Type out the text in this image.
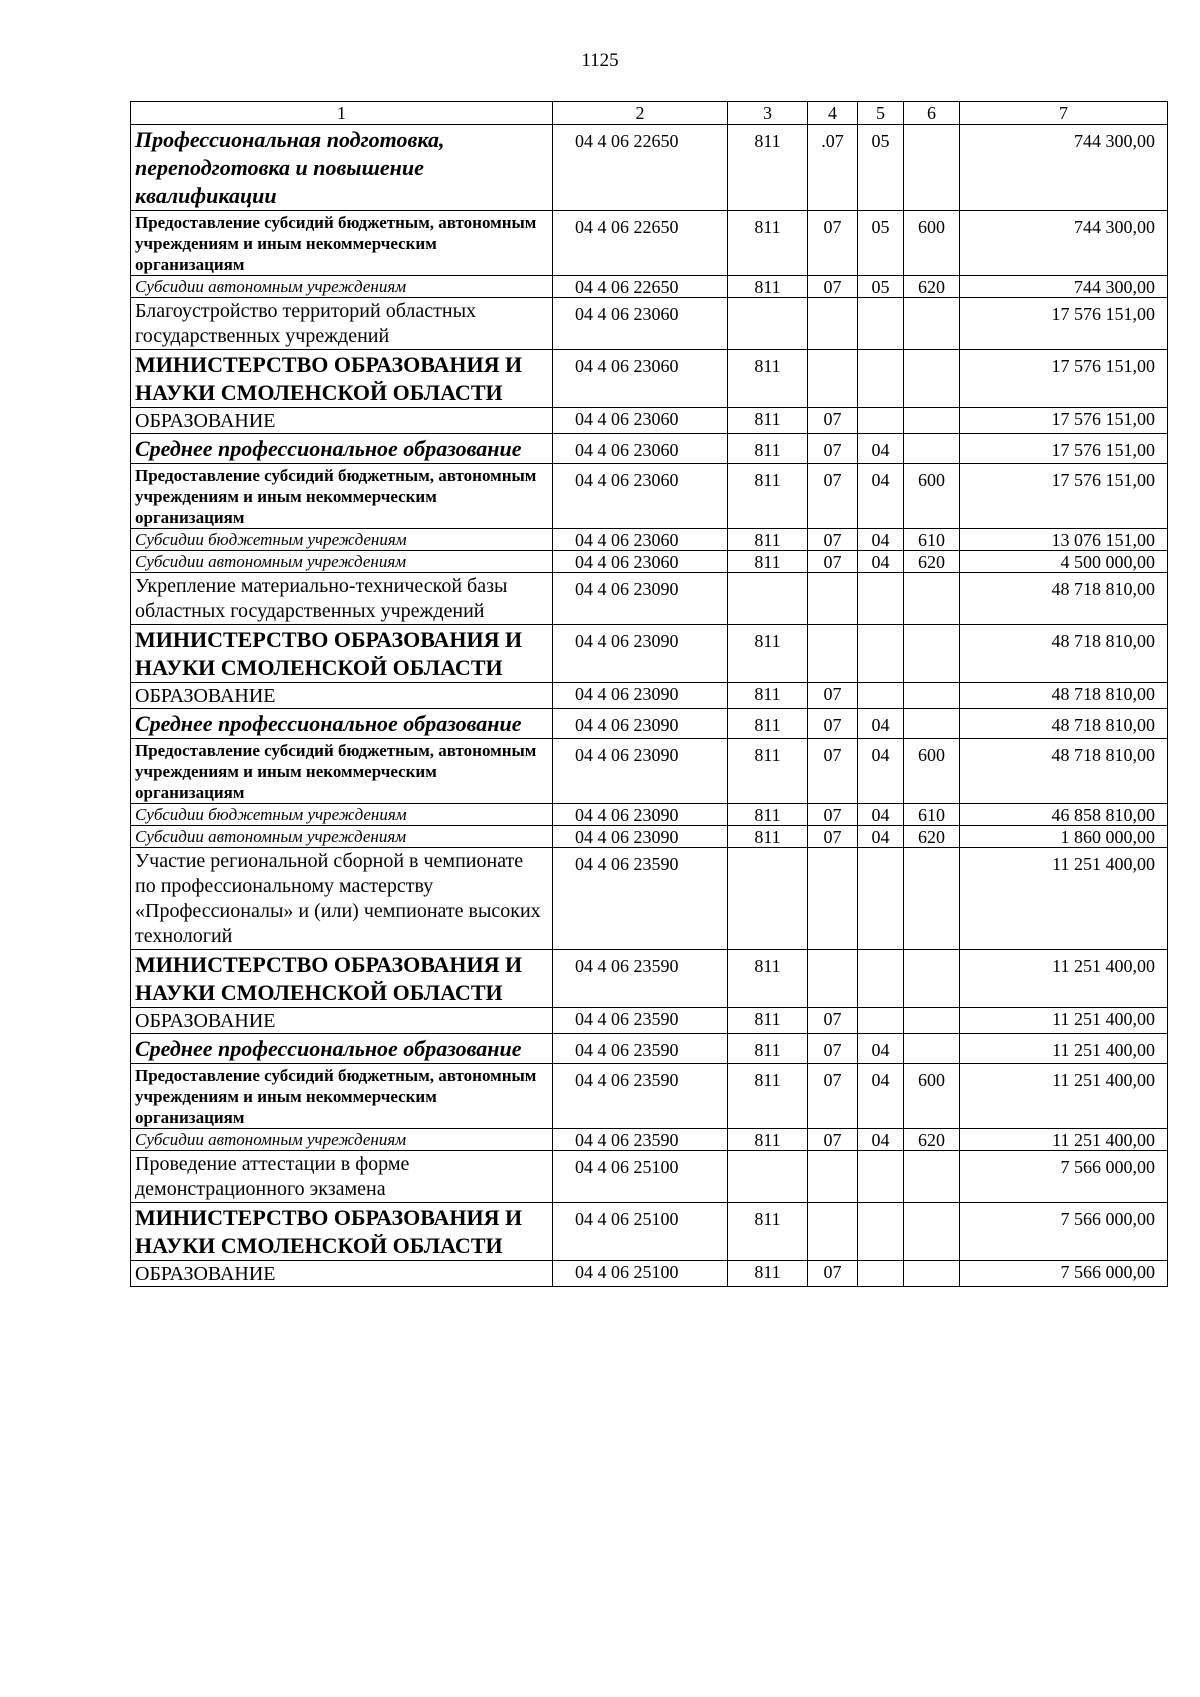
1125
1	2	3	4	5	6	7
Профессиональная подготовка, переподготовка и повышение квалификации	04 4 06 22650	811	.07	05		744 300,00
Предоставление субсидий бюджетным, автономным учреждениям и иным некоммерческим организациям	04 4 06 22650	811	07	05	600	744 300,00
Субсидии автономным учреждениям	04 4 06 22650	811	07	05	620	744 300,00
Благоустройство территорий областных государственных учреждений	04 4 06 23060					17 576 151,00
МИНИСТЕРСТВО ОБРАЗОВАНИЯ И НАУКИ СМОЛЕНСКОЙ ОБЛАСТИ	04 4 06 23060	811				17 576 151,00
ОБРАЗОВАНИЕ	04 4 06 23060	811	07			17 576 151,00
Среднее профессиональное образование	04 4 06 23060	811	07	04		17 576 151,00
Предоставление субсидий бюджетным, автономным учреждениям и иным некоммерческим организациям	04 4 06 23060	811	07	04	600	17 576 151,00
Субсидии бюджетным учреждениям	04 4 06 23060	811	07	04	610	13 076 151,00
Субсидии автономным учреждениям	04 4 06 23060	811	07	04	620	4 500 000,00
Укрепление материально-технической базы областных государственных учреждений	04 4 06 23090					48 718 810,00
МИНИСТЕРСТВО ОБРАЗОВАНИЯ И НАУКИ СМОЛЕНСКОЙ ОБЛАСТИ	04 4 06 23090	811				48 718 810,00
ОБРАЗОВАНИЕ	04 4 06 23090	811	07			48 718 810,00
Среднее профессиональное образование	04 4 06 23090	811	07	04		48 718 810,00
Предоставление субсидий бюджетным, автономным учреждениям и иным некоммерческим организациям	04 4 06 23090	811	07	04	600	48 718 810,00
Субсидии бюджетным учреждениям	04 4 06 23090	811	07	04	610	46 858 810,00
Субсидии автономным учреждениям	04 4 06 23090	811	07	04	620	1 860 000,00
Участие региональной сборной в чемпионате по профессиональному мастерству «Профессионалы» и (или) чемпионате высоких технологий	04 4 06 23590					11 251 400,00
МИНИСТЕРСТВО ОБРАЗОВАНИЯ И НАУКИ СМОЛЕНСКОЙ ОБЛАСТИ	04 4 06 23590	811				11 251 400,00
ОБРАЗОВАНИЕ	04 4 06 23590	811	07			11 251 400,00
Среднее профессиональное образование	04 4 06 23590	811	07	04		11 251 400,00
Предоставление субсидий бюджетным, автономным учреждениям и иным некоммерческим организациям	04 4 06 23590	811	07	04	600	11 251 400,00
Субсидии автономным учреждениям	04 4 06 23590	811	07	04	620	11 251 400,00
Проведение аттестации в форме демонстрационного экзамена	04 4 06 25100					7 566 000,00
МИНИСТЕРСТВО ОБРАЗОВАНИЯ И НАУКИ СМОЛЕНСКОЙ ОБЛАСТИ	04 4 06 25100	811				7 566 000,00
ОБРАЗОВАНИЕ	04 4 06 25100	811	07			7 566 000,00
